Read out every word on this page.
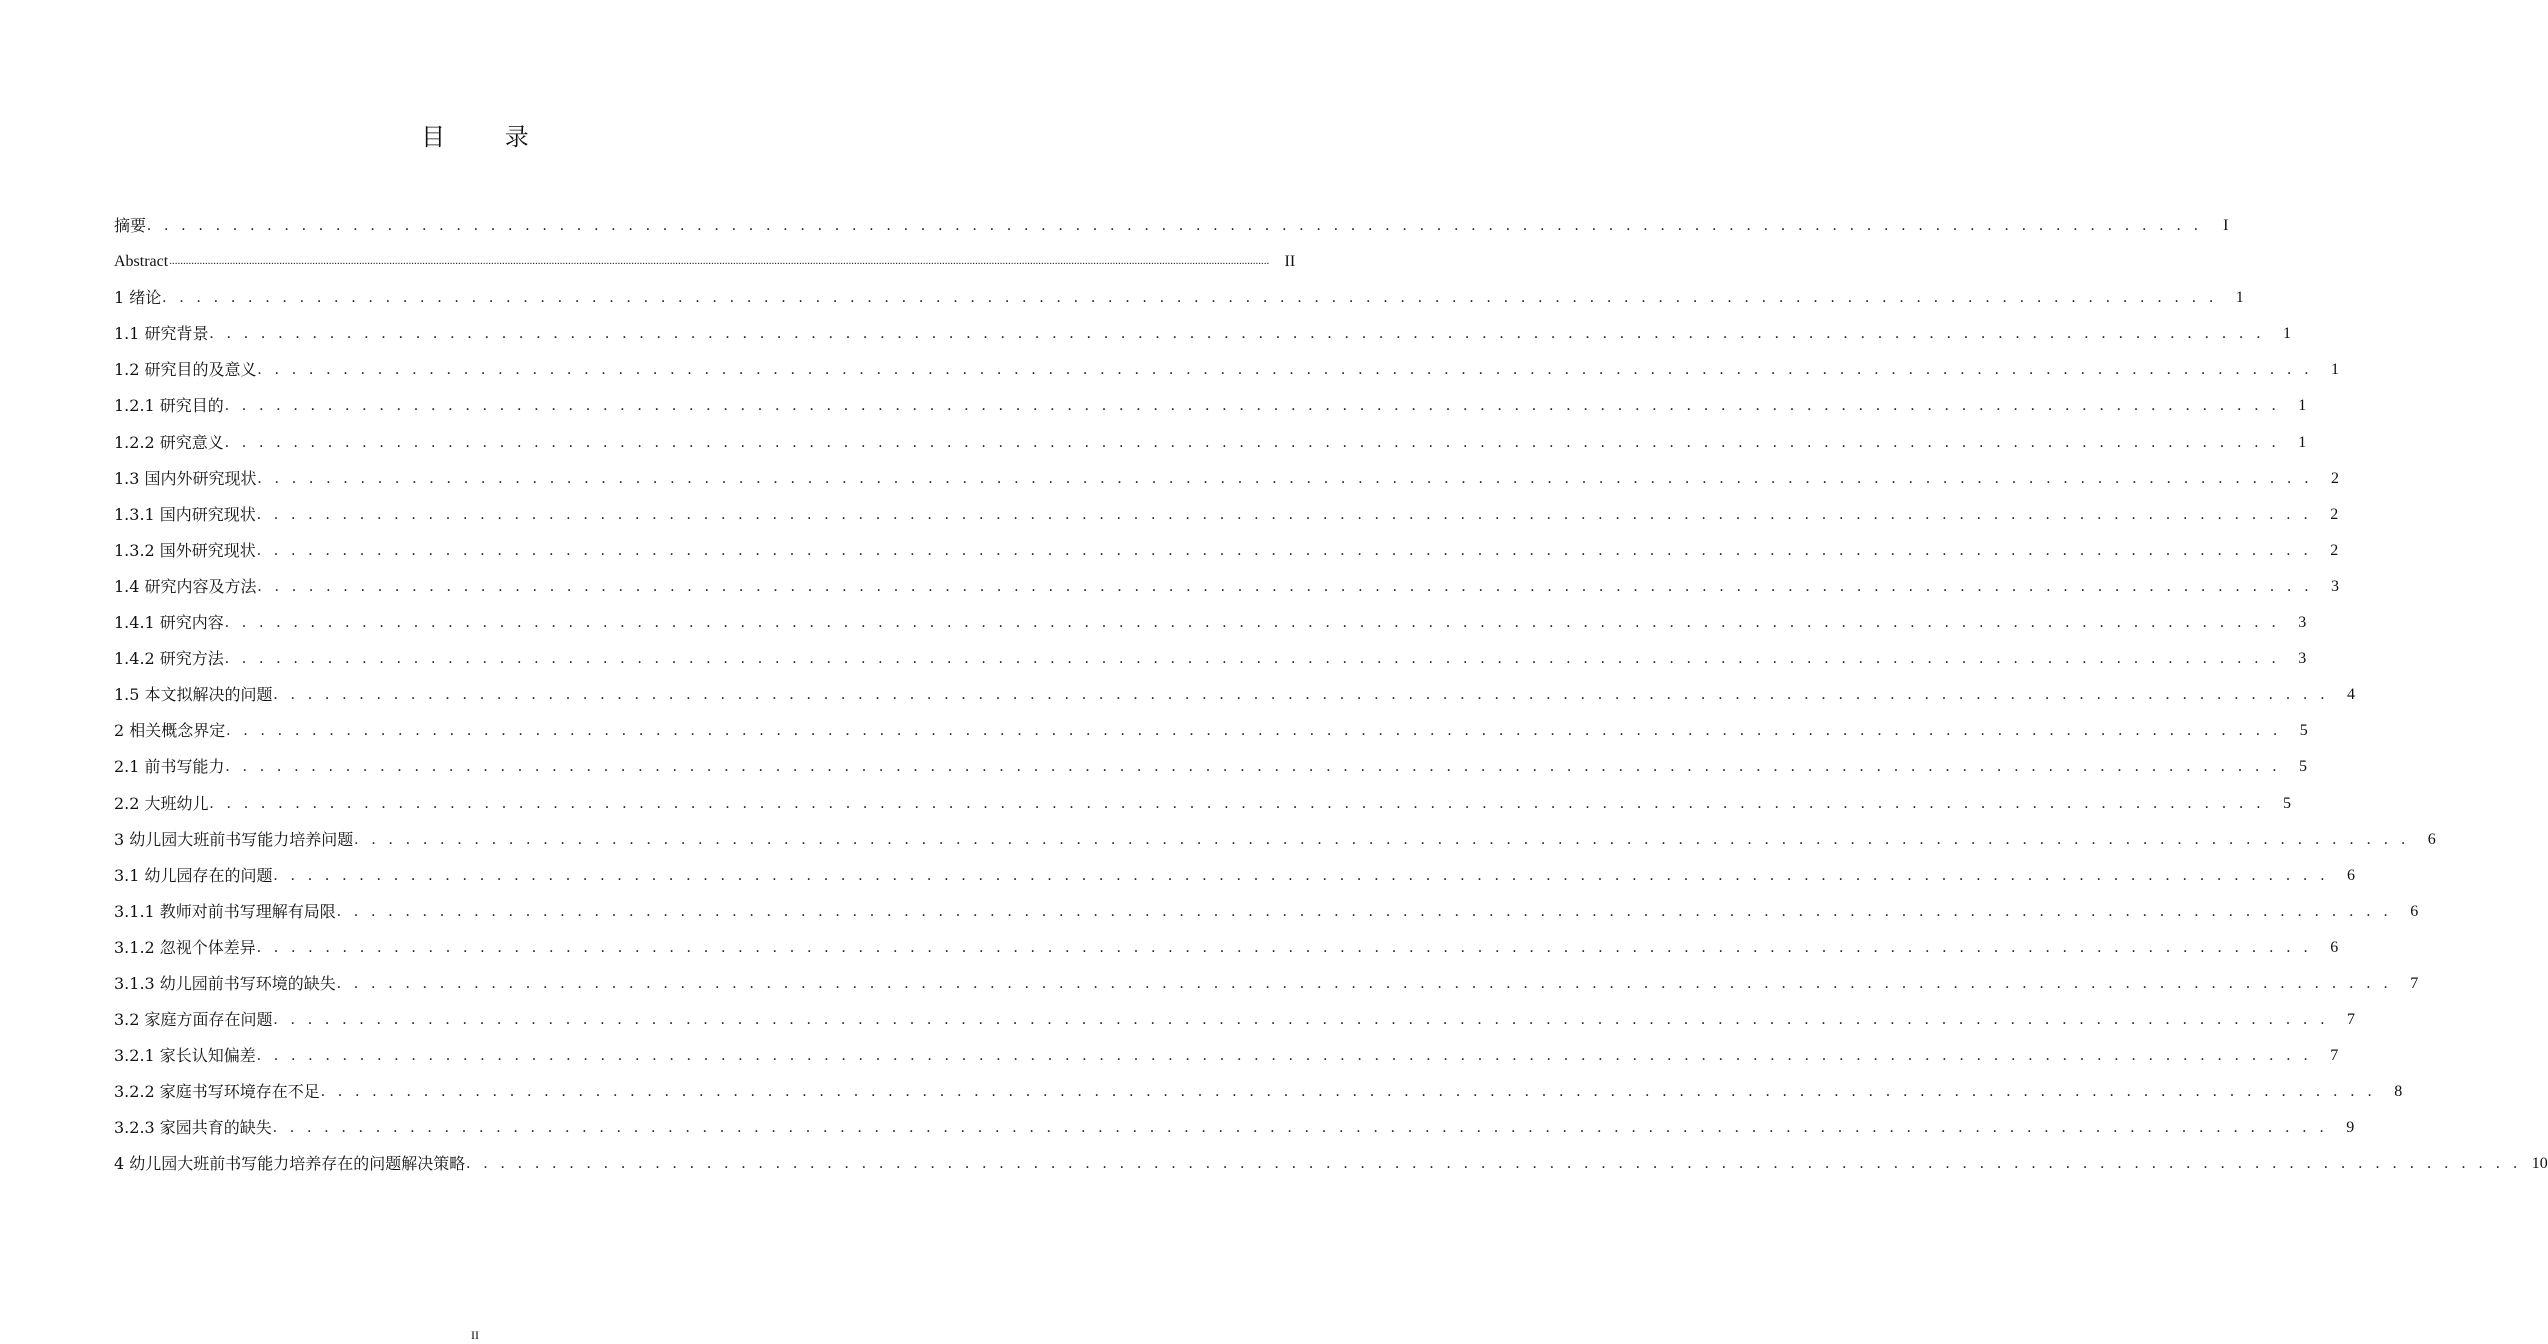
目 录
摘要 . . . . . . . . . . . . . . . . . . . . . . . . . . . . . . . . . . . . . . . . . . . . . . . . . . . . . . . . . . . . . . . . . . . . . . . . . . . . . . . . . . . . . . . . . . . . . . . . . . . . . . . . . . . . . . . . . . . . . . . .	I
Abstract ................................................................................................................................................................................................................................................................................................................................................................................................................ II
1 绪论 . . . . . . . . . . . . . . . . . . . . . . . . . . . . . . . . . . . . . . . . . . . . . . . . . . . . . . . . . . . . . . . . . . . . . . . . . . . . . . . . . . . . . . . . . . . . . . . . . . . . . . . . . . . . . . . . . . . . . . . .	1
1.1 研究背景 . . . . . . . . . . . . . . . . . . . . . . . . . . . . . . . . . . . . . . . . . . . . . . . . . . . . . . . . . . . . . . . . . . . . . . . . . . . . . . . . . . . . . . . . . . . . . . . . . . . . . . . . . . . . . . . . . . . . . . . .	1
1.2 研究目的及意义 . . . . . . . . . . . . . . . . . . . . . . . . . . . . . . . . . . . . . . . . . . . . . . . . . . . . . . . . . . . . . . . . . . . . . . . . . . . . . . . . . . . . . . . . . . . . . . . . . . . . . . . . . . . . . . . . . . . . . . . .	1
1.2.1 研究目的 . . . . . . . . . . . . . . . . . . . . . . . . . . . . . . . . . . . . . . . . . . . . . . . . . . . . . . . . . . . . . . . . . . . . . . . . . . . . . . . . . . . . . . . . . . . . . . . . . . . . . . . . . . . . . . . . . . . . . . . .	1
1.2.2 研究意义 . . . . . . . . . . . . . . . . . . . . . . . . . . . . . . . . . . . . . . . . . . . . . . . . . . . . . . . . . . . . . . . . . . . . . . . . . . . . . . . . . . . . . . . . . . . . . . . . . . . . . . . . . . . . . . . . . . . . . . . .	1
1.3 国内外研究现状 . . . . . . . . . . . . . . . . . . . . . . . . . . . . . . . . . . . . . . . . . . . . . . . . . . . . . . . . . . . . . . . . . . . . . . . . . . . . . . . . . . . . . . . . . . . . . . . . . . . . . . . . . . . . . . . . . . . . . . . .	2
1.3.1 国内研究现状 . . . . . . . . . . . . . . . . . . . . . . . . . . . . . . . . . . . . . . . . . . . . . . . . . . . . . . . . . . . . . . . . . . . . . . . . . . . . . . . . . . . . . . . . . . . . . . . . . . . . . . . . . . . . . . . . . . . . . . . .	2
1.3.2 国外研究现状 . . . . . . . . . . . . . . . . . . . . . . . . . . . . . . . . . . . . . . . . . . . . . . . . . . . . . . . . . . . . . . . . . . . . . . . . . . . . . . . . . . . . . . . . . . . . . . . . . . . . . . . . . . . . . . . . . . . . . . . .	2
1.4 研究内容及方法 . . . . . . . . . . . . . . . . . . . . . . . . . . . . . . . . . . . . . . . . . . . . . . . . . . . . . . . . . . . . . . . . . . . . . . . . . . . . . . . . . . . . . . . . . . . . . . . . . . . . . . . . . . . . . . . . . . . . . . . .	3
1.4.1 研究内容 . . . . . . . . . . . . . . . . . . . . . . . . . . . . . . . . . . . . . . . . . . . . . . . . . . . . . . . . . . . . . . . . . . . . . . . . . . . . . . . . . . . . . . . . . . . . . . . . . . . . . . . . . . . . . . . . . . . . . . . .	3
1.4.2 研究方法 . . . . . . . . . . . . . . . . . . . . . . . . . . . . . . . . . . . . . . . . . . . . . . . . . . . . . . . . . . . . . . . . . . . . . . . . . . . . . . . . . . . . . . . . . . . . . . . . . . . . . . . . . . . . . . . . . . . . . . . .	3
1.5 本文拟解决的问题 . . . . . . . . . . . . . . . . . . . . . . . . . . . . . . . . . . . . . . . . . . . . . . . . . . . . . . . . . . . . . . . . . . . . . . . . . . . . . . . . . . . . . . . . . . . . . . . . . . . . . . . . . . . . . . . . . . . . . . . .	4
2 相关概念界定 . . . . . . . . . . . . . . . . . . . . . . . . . . . . . . . . . . . . . . . . . . . . . . . . . . . . . . . . . . . . . . . . . . . . . . . . . . . . . . . . . . . . . . . . . . . . . . . . . . . . . . . . . . . . . . . . . . . . . . . .	5
2.1 前书写能力 . . . . . . . . . . . . . . . . . . . . . . . . . . . . . . . . . . . . . . . . . . . . . . . . . . . . . . . . . . . . . . . . . . . . . . . . . . . . . . . . . . . . . . . . . . . . . . . . . . . . . . . . . . . . . . . . . . . . . . . .	5
2.2 大班幼儿 . . . . . . . . . . . . . . . . . . . . . . . . . . . . . . . . . . . . . . . . . . . . . . . . . . . . . . . . . . . . . . . . . . . . . . . . . . . . . . . . . . . . . . . . . . . . . . . . . . . . . . . . . . . . . . . . . . . . . . . .	5
3 幼儿园大班前书写能力培养问题 . . . . . . . . . . . . . . . . . . . . . . . . . . . . . . . . . . . . . . . . . . . . . . . . . . . . . . . . . . . . . . . . . . . . . . . . . . . . . . . . . . . . . . . . . . . . . . . . . . . . . . . . . . . . . . . . . . . . . . . .	6
3.1 幼儿园存在的问题 . . . . . . . . . . . . . . . . . . . . . . . . . . . . . . . . . . . . . . . . . . . . . . . . . . . . . . . . . . . . . . . . . . . . . . . . . . . . . . . . . . . . . . . . . . . . . . . . . . . . . . . . . . . . . . . . . . . . . . . .	6
3.1.1 教师对前书写理解有局限 . . . . . . . . . . . . . . . . . . . . . . . . . . . . . . . . . . . . . . . . . . . . . . . . . . . . . . . . . . . . . . . . . . . . . . . . . . . . . . . . . . . . . . . . . . . . . . . . . . . . . . . . . . . . . . . . . . . . . . . .	6
3.1.2 忽视个体差异 . . . . . . . . . . . . . . . . . . . . . . . . . . . . . . . . . . . . . . . . . . . . . . . . . . . . . . . . . . . . . . . . . . . . . . . . . . . . . . . . . . . . . . . . . . . . . . . . . . . . . . . . . . . . . . . . . . . . . . . .	6
3.1.3 幼儿园前书写环境的缺失 . . . . . . . . . . . . . . . . . . . . . . . . . . . . . . . . . . . . . . . . . . . . . . . . . . . . . . . . . . . . . . . . . . . . . . . . . . . . . . . . . . . . . . . . . . . . . . . . . . . . . . . . . . . . . . . . . . . . . . . .	7
3.2 家庭方面存在问题 . . . . . . . . . . . . . . . . . . . . . . . . . . . . . . . . . . . . . . . . . . . . . . . . . . . . . . . . . . . . . . . . . . . . . . . . . . . . . . . . . . . . . . . . . . . . . . . . . . . . . . . . . . . . . . . . . . . . . . . .	7
3.2.1 家长认知偏差 . . . . . . . . . . . . . . . . . . . . . . . . . . . . . . . . . . . . . . . . . . . . . . . . . . . . . . . . . . . . . . . . . . . . . . . . . . . . . . . . . . . . . . . . . . . . . . . . . . . . . . . . . . . . . . . . . . . . . . . .	7
3.2.2 家庭书写环境存在不足 . . . . . . . . . . . . . . . . . . . . . . . . . . . . . . . . . . . . . . . . . . . . . . . . . . . . . . . . . . . . . . . . . . . . . . . . . . . . . . . . . . . . . . . . . . . . . . . . . . . . . . . . . . . . . . . . . . . . . . . .	8
3.2.3 家园共育的缺失 . . . . . . . . . . . . . . . . . . . . . . . . . . . . . . . . . . . . . . . . . . . . . . . . . . . . . . . . . . . . . . . . . . . . . . . . . . . . . . . . . . . . . . . . . . . . . . . . . . . . . . . . . . . . . . . . . . . . . . . .	9
4 幼儿园大班前书写能力培养存在的问题解决策略 . . . . . . . . . . . . . . . . . . . . . . . . . . . . . . . . . . . . . . . . . . . . . . . . . . . . . . . . . . . . . . . . . . . . . . . . . . . . . . . . . . . . . . . . . . . . . . . . . . . . . . . . . . . . . . . . . . . . . . . . 10
II
